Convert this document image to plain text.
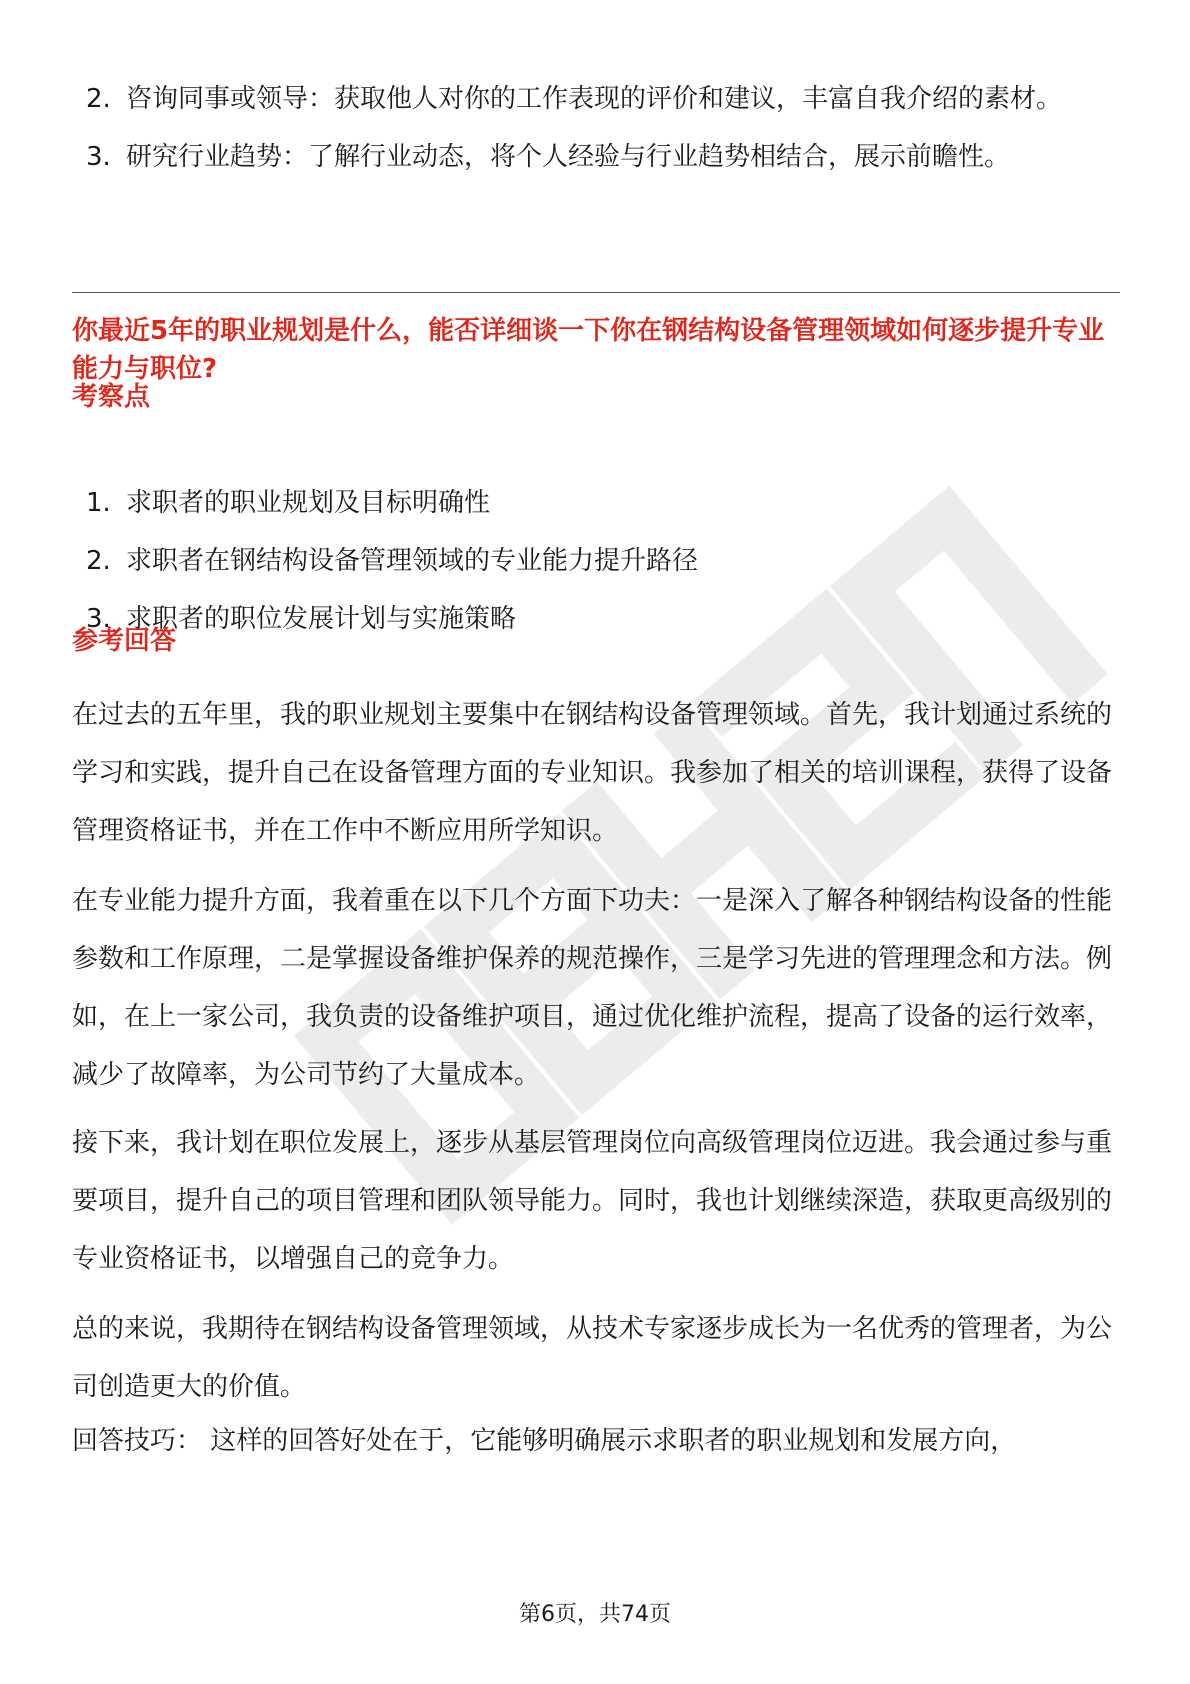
2. 咨询同事或领导：获取他人对你的工作表现的评价和建议，丰富自我介绍的素材。
3. 研究行业趋势：了解行业动态，将个人经验与行业趋势相结合，展示前瞻性。
你最近5年的职业规划是什么，能否详细谈一下你在钢结构设备管理领域如何逐步提升专业能力与职位?
考察点
1. 求职者的职业规划及目标明确性
2. 求职者在钢结构设备管理领域的专业能力提升路径
3. 求职者的职位发展计划与实施策略
参考回答

在过去的五年里，我的职业规划主要集中在钢结构设备管理领域。首先，我计划通过系统的学习和实践，提升自己在设备管理方面的专业知识。我参加了相关的培训课程，获得了设备管理资格证书，并在工作中不断应用所学知识。

在专业能力提升方面，我着重在以下几个方面下功夫：一是深入了解各种钢结构设备的性能参数和工作原理，二是掌握设备维护保养的规范操作，三是学习先进的管理理念和方法。例如，在上一家公司，我负责的设备维护项目，通过优化维护流程，提高了设备的运行效率，减少了故障率，为公司节约了大量成本。

接下来，我计划在职位发展上，逐步从基层管理岗位向高级管理岗位迈进。我会通过参与重要项目，提升自己的项目管理和团队领导能力。同时，我也计划继续深造，获取更高级别的专业资格证书，以增强自己的竞争力。

总的来说，我期待在钢结构设备管理领域，从技术专家逐步成长为一名优秀的管理者，为公司创造更大的价值。

回答技巧： 这样的回答好处在于，它能够明确展示求职者的职业规划和发展方向，

第6页，共74页
